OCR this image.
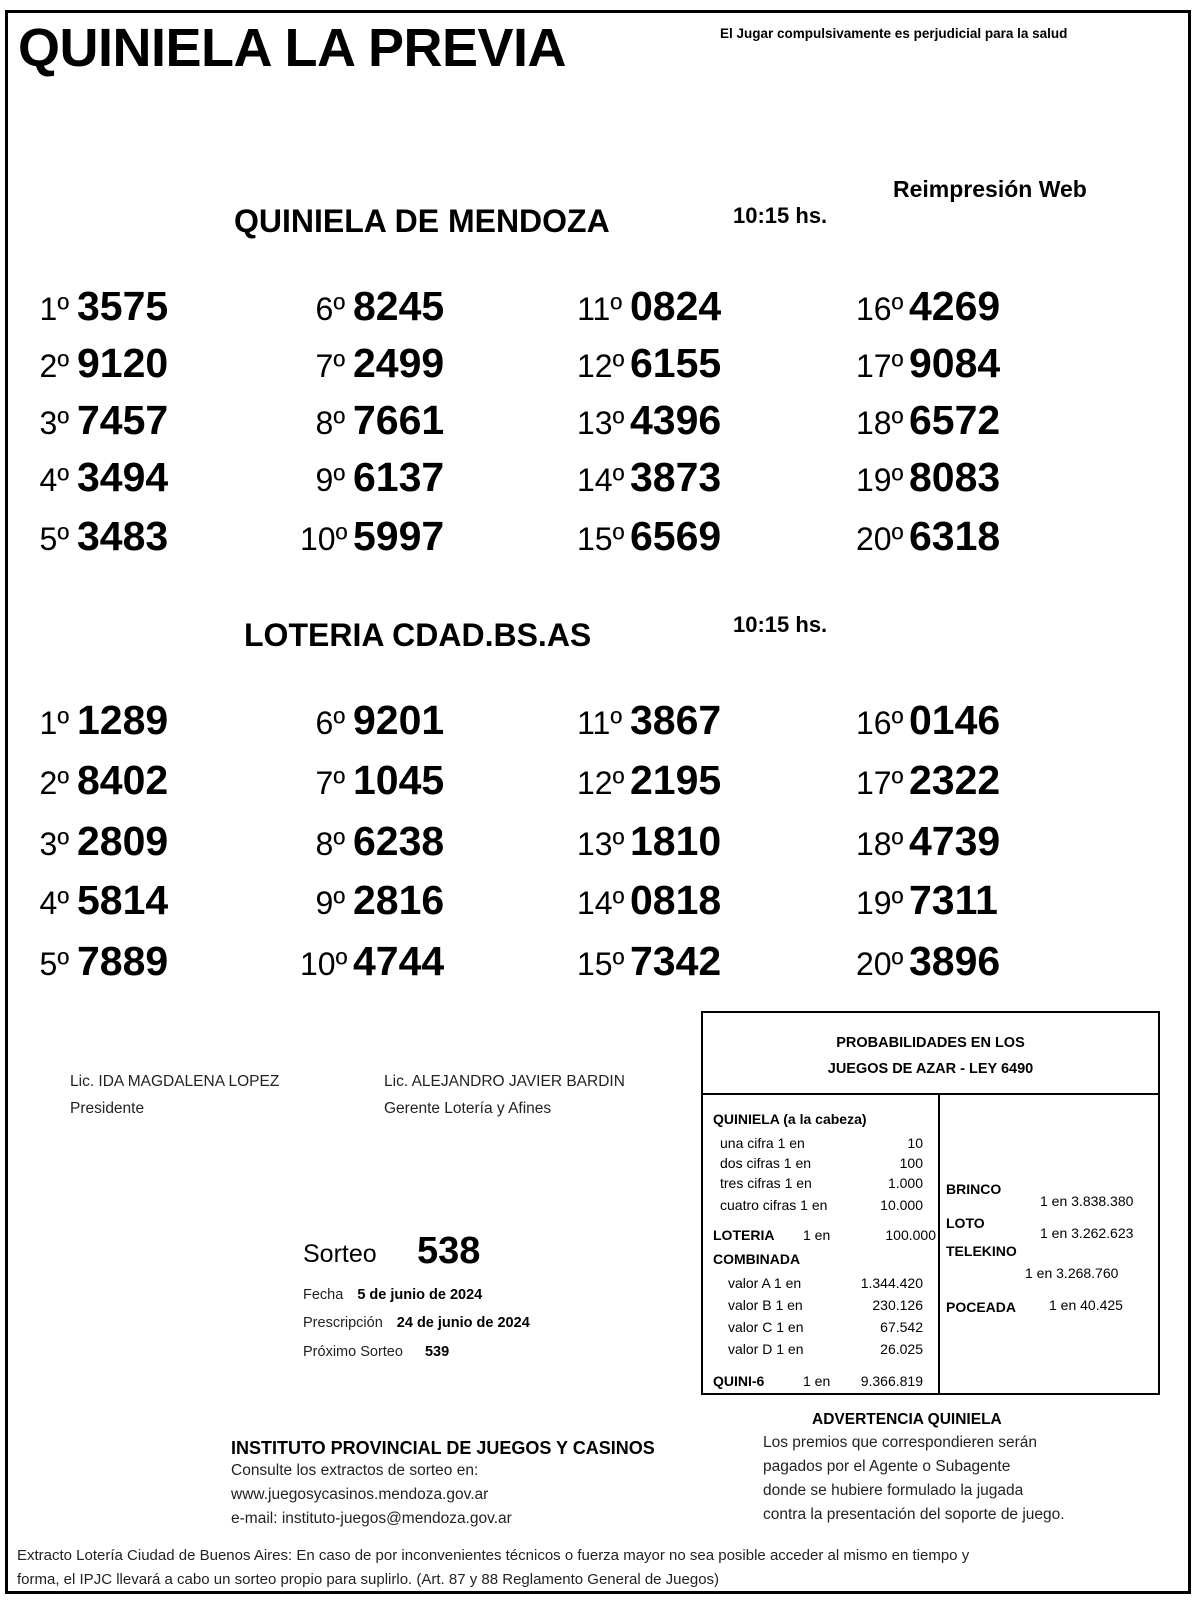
QUINIELA LA PREVIA	El Jugar compulsivamente es perjudicial para la salud
Reimpresión Web
QUINIELA DE MENDOZA	10:15 hs.
1º 3575
2º 9120
3º 7457
4º 3494
5º 3483
6º 8245
7º 2499
8º 7661
9º 6137
10º 5997
11º 0824
12º 6155
13º 4396
14º 3873
15º 6569
16º 4269
17º 9084
18º 6572
19º 8083
20º 6318
LOTERIA CDAD.BS.AS	10:15 hs.
1º 1289
2º 8402
3º 2809
4º 5814
5º 7889
6º 9201
7º 1045
8º 6238
9º 2816
10º 4744
11º 3867
12º 2195
13º 1810
14º 0818
15º 7342
16º 0146
17º 2322
18º 4739
19º 7311
20º 3896
Lic. IDA MAGDALENA LOPEZ
Presidente
Lic. ALEJANDRO JAVIER BARDIN
Gerente Lotería y Afines
Sorteo 538
Fecha 5 de junio de 2024
Prescripción 24 de junio de 2024
Próximo Sorteo 539
PROBABILIDADES EN LOS
JUEGOS DE AZAR - LEY 6490
QUINIELA (a la cabeza)
una cifra 1 en	10
dos cifras 1 en	100
tres cifras 1 en	1.000
cuatro cifras 1 en	10.000
LOTERIA 1 en	100.000
COMBINADA
valor A 1 en	1.344.420
valor B 1 en	230.126
valor C 1 en	67.542
valor D 1 en	26.025
QUINI-6	1 en	9.366.819
BRINCO
1 en 3.838.380
LOTO
1 en 3.262.623
TELEKINO
1 en 3.268.760
POCEADA 1 en 40.425
INSTITUTO PROVINCIAL DE JUEGOS Y CASINOS
Consulte los extractos de sorteo en:
www.juegosycasinos.mendoza.gov.ar
e-mail: instituto-juegos@mendoza.gov.ar
ADVERTENCIA QUINIELA
Los premios que correspondieren serán
pagados por el Agente o Subagente
donde se hubiere formulado la jugada
contra la presentación del soporte de juego.
Extracto Lotería Ciudad de Buenos Aires: En caso de por inconvenientes técnicos o fuerza mayor no sea posible acceder al mismo en tiempo y
forma, el IPJC llevará a cabo un sorteo propio para suplirlo. (Art. 87 y 88 Reglamento General de Juegos)
